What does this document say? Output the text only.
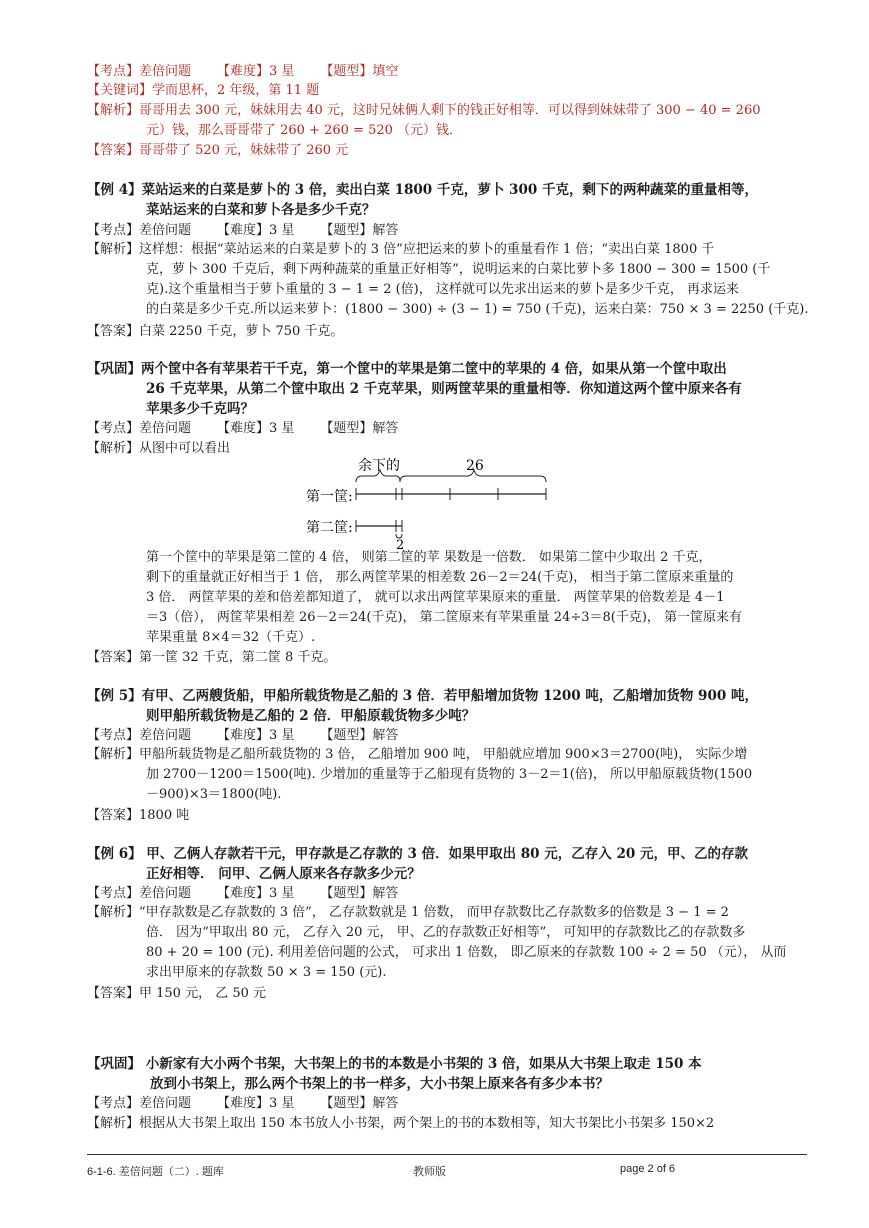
【考点】差倍问题 【难度】3 星 【题型】填空
【关键词】学而思杯，2 年级，第 11 题
【解析】哥哥用去 300 元，妹妹用去 40 元，这时兄妹俩人剩下的钱正好相等．可以得到妹妹带了 300 − 40 = 260
元）钱，那么哥哥带了 260 + 260 = 520 （元）钱．
【答案】哥哥带了 520 元，妹妹带了 260 元
【例 4】菜站运来的白菜是萝卜的 3 倍，卖出白菜 1800 千克，萝卜 300 千克，剩下的两种蔬菜的重量相等，
菜站运来的白菜和萝卜各是多少千克？
【考点】差倍问题 【难度】3 星 【题型】解答
【解析】这样想：根据“菜站运来的白菜是萝卜的 3 倍”应把运来的萝卜的重量看作 1 倍；“卖出白菜 1800 千
克，萝卜 300 千克后，剩下两种蔬菜的重量正好相等”，说明运来的白菜比萝卜多 1800 − 300 = 1500 (千
克).这个重量相当于萝卜重量的 3 − 1 = 2 (倍)， 这样就可以先求出运来的萝卜是多少千克， 再求运来
的白菜是多少千克.所以运来萝卜：(1800 − 300) ÷ (3 − 1) = 750 (千克)，运来白菜：750 × 3 = 2250 (千克).
【答案】白菜 2250 千克，萝卜 750 千克。
【巩固】两个筐中各有苹果若干千克，第一个筐中的苹果是第二筐中的苹果的 4 倍，如果从第一个筐中取出
26 千克苹果，从第二个筐中取出 2 千克苹果，则两筐苹果的重量相等．你知道这两个筐中原来各有
苹果多少千克吗？
【考点】差倍问题 【难度】3 星 【题型】解答
【解析】从图中可以看出
余下的	26
第一筐:
第二筐:
2
第一个筐中的苹果是第二筐的 4 倍， 则第二筐的苹 果数是一倍数． 如果第二筐中少取出 2 千克，
剩下的重量就正好相当于 1 倍， 那么两筐苹果的相差数 26－2＝24(千克)， 相当于第二筐原来重量的
3 倍． 两筐苹果的差和倍差都知道了， 就可以求出两筐苹果原来的重量． 两筐苹果的倍数差是 4－1
＝3（倍）， 两筐苹果相差 26－2＝24(千克)， 第二筐原来有苹果重量 24÷3＝8(千克)， 第一筐原来有
苹果重量 8×4＝32（千克）.
【答案】第一筐 32 千克，第二筐 8 千克。
【例 5】有甲、乙两艘货船，甲船所载货物是乙船的 3 倍．若甲船增加货物 1200 吨，乙船增加货物 900 吨，
则甲船所载货物是乙船的 2 倍．甲船原载货物多少吨？
【考点】差倍问题 【难度】3 星 【题型】解答
【解析】甲船所载货物是乙船所载货物的 3 倍， 乙船增加 900 吨， 甲船就应增加 900×3＝2700(吨)， 实际少增
加 2700－1200＝1500(吨). 少增加的重量等于乙船现有货物的 3－2＝1(倍)， 所以甲船原载货物(1500
－900)×3＝1800(吨).
【答案】1800 吨
【例 6】 甲、乙俩人存款若干元，甲存款是乙存款的 3 倍．如果甲取出 80 元，乙存入 20 元，甲、乙的存款
正好相等． 问甲、乙俩人原来各存款多少元？
【考点】差倍问题 【难度】3 星 【题型】解答
【解析】“甲存款数是乙存款数的 3 倍”， 乙存款数就是 1 倍数， 而甲存款数比乙存款数多的倍数是 3 − 1 = 2
倍． 因为“甲取出 80 元， 乙存入 20 元， 甲、乙的存款数正好相等”， 可知甲的存款数比乙的存款数多
80 + 20 = 100 (元). 利用差倍问题的公式， 可求出 1 倍数， 即乙原来的存款数 100 ÷ 2 = 50 （元）， 从而
求出甲原来的存款数 50 × 3 = 150 (元).
【答案】甲 150 元， 乙 50 元
【巩固】 小新家有大小两个书架，大书架上的书的本数是小书架的 3 倍，如果从大书架上取走 150 本
放到小书架上，那么两个书架上的书一样多，大小书架上原来各有多少本书？
【考点】差倍问题 【难度】3 星 【题型】解答
【解析】根据从大书架上取出 150 本书放人小书架，两个架上的书的本数相等，知大书架比小书架多 150×2
6-1-6. 差倍问题（二）. 题库	教师版	page 2 of 6
